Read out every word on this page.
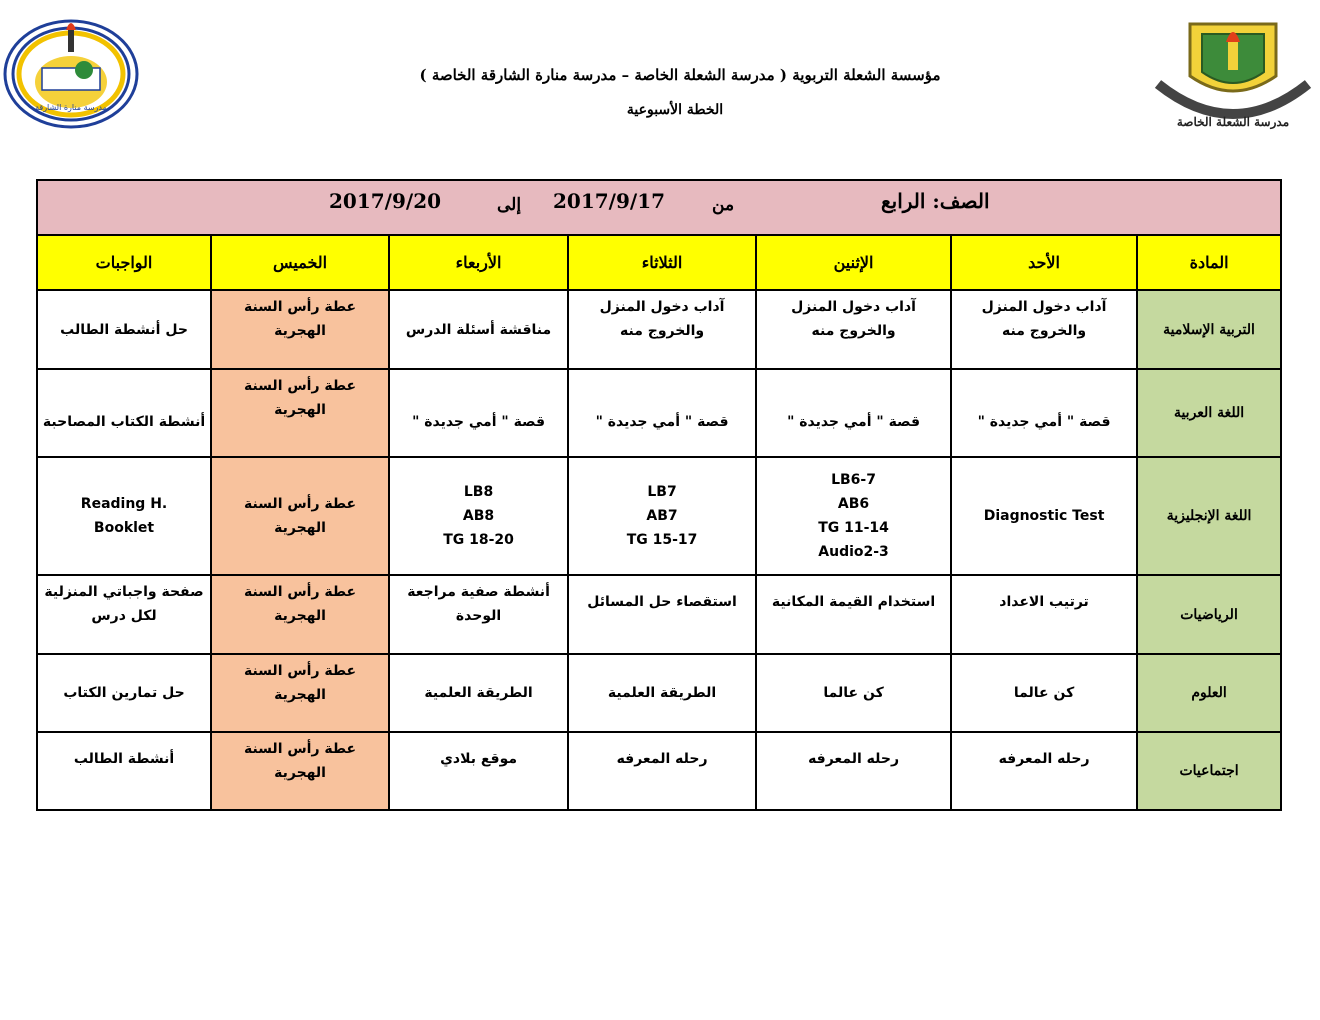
مدرسة منارة الشارقة
مدرسة الشعلة الخاصة
مؤسسة الشعلة التربوية ( مدرسة الشعلة الخاصة – مدرسة منارة الشارقة الخاصة )
الخطة الأسبوعية
الصف: الرابع
من
2017/9/17
إلى
2017/9/20						

المادة	الأحد	الإثنين	الثلاثاء	الأربعاء	الخميس	الواجبات
التربية الإسلامية	آداب دخول المنزل
والخروج منه	آداب دخول المنزل
والخروج منه	آداب دخول المنزل
والخروج منه	مناقشة أسئلة الدرس	عطة رأس السنة
الهجرية	حل أنشطة الطالب
اللغة العربية	قصة " أمي جديدة "	قصة " أمي جديدة "	قصة " أمي جديدة "	قصة " أمي جديدة "	عطة رأس السنة
الهجرية	أنشطة الكتاب المصاحبة
اللغة الإنجليزية	Diagnostic Test	LB6-7
AB6
TG 11-14
Audio2-3	LB7
AB7
TG 15-17	LB8
AB8
TG 18-20	عطة رأس السنة
الهجرية	Reading H.
Booklet
الرياضيات	ترتيب الاعداد	استخدام القيمة المكانية	استقصاء حل المسائل	أنشطة صفية مراجعة
الوحدة	عطة رأس السنة
الهجرية	صفحة واجباتي المنزلية
لكل درس
العلوم	كن عالما	كن عالما	الطريقة العلمية	الطريقة العلمية	عطة رأس السنة
الهجرية	حل تمارين الكتاب
اجتماعيات	رحله المعرفه	رحله المعرفه	رحله المعرفه	موقع بلادي	عطة رأس السنة
الهجرية	أنشطة الطالب
